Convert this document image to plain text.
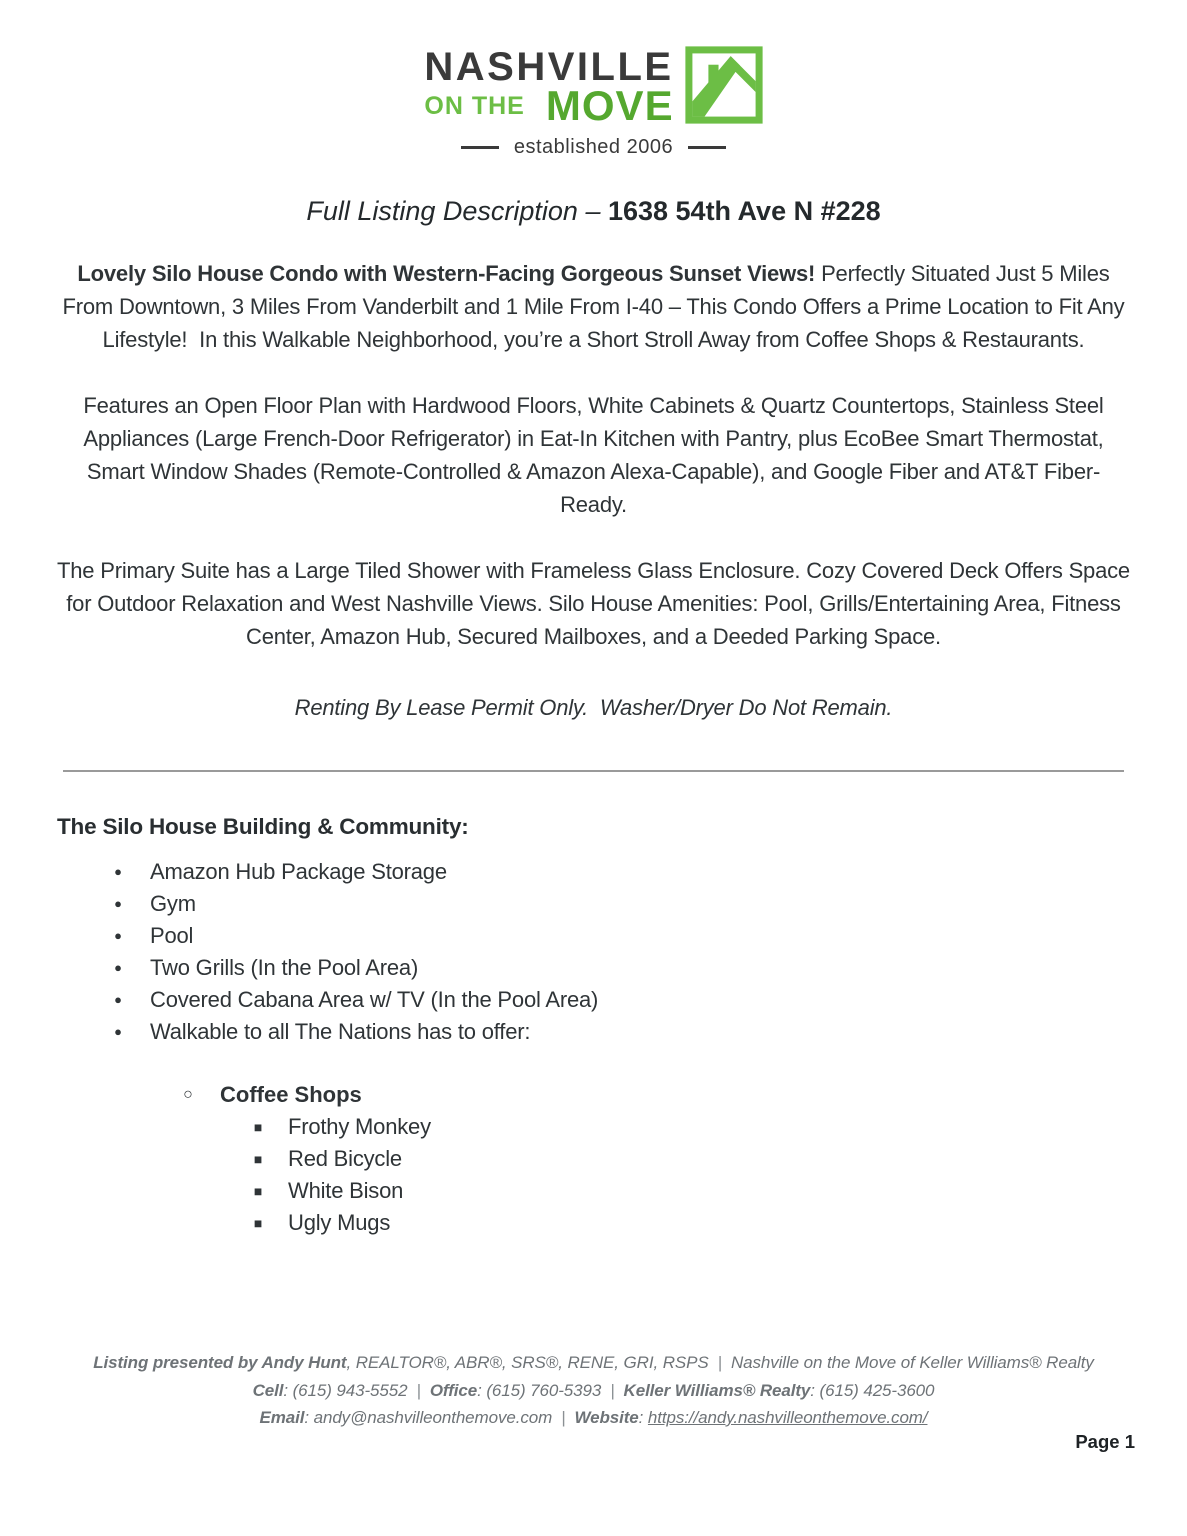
NASHVILLE
ON THE MOVE
established 2006
Full Listing Description – 1638 54th Ave N #228

Lovely Silo House Condo with Western-Facing Gorgeous Sunset Views! Perfectly Situated Just 5 Miles From Downtown, 3 Miles From Vanderbilt and 1 Mile From I-40 – This Condo Offers a Prime Location to Fit Any Lifestyle!  In this Walkable Neighborhood, you’re a Short Stroll Away from Coffee Shops & Restaurants.

Features an Open Floor Plan with Hardwood Floors, White Cabinets & Quartz Countertops, Stainless Steel Appliances (Large French-Door Refrigerator) in Eat-In Kitchen with Pantry, plus EcoBee Smart Thermostat, Smart Window Shades (Remote-Controlled & Amazon Alexa-Capable), and Google Fiber and AT&T Fiber-Ready.

The Primary Suite has a Large Tiled Shower with Frameless Glass Enclosure. Cozy Covered Deck Offers Space for Outdoor Relaxation and West Nashville Views. Silo House Amenities: Pool, Grills/Entertaining Area, Fitness Center, Amazon Hub, Secured Mailboxes, and a Deeded Parking Space.

Renting By Lease Permit Only.  Washer/Dryer Do Not Remain.

The Silo House Building & Community:
●	Amazon Hub Package Storage
●	Gym
●	Pool
●	Two Grills (In the Pool Area)
●	Covered Cabana Area w/ TV (In the Pool Area)
●	Walkable to all The Nations has to offer:
○ Coffee Shops
■	Frothy Monkey
■	Red Bicycle
■	White Bison
■	Ugly Mugs
Listing presented by Andy Hunt, REALTOR®, ABR®, SRS®, RENE, GRI, RSPS | Nashville on the Move of Keller Williams® Realty
Cell: (615) 943-5552 | Office: (615) 760-5393 | Keller Williams® Realty: (615) 425-3600
Email: andy@nashvilleonthemove.com | Website: https://andy.nashvilleonthemove.com/
Page 1
